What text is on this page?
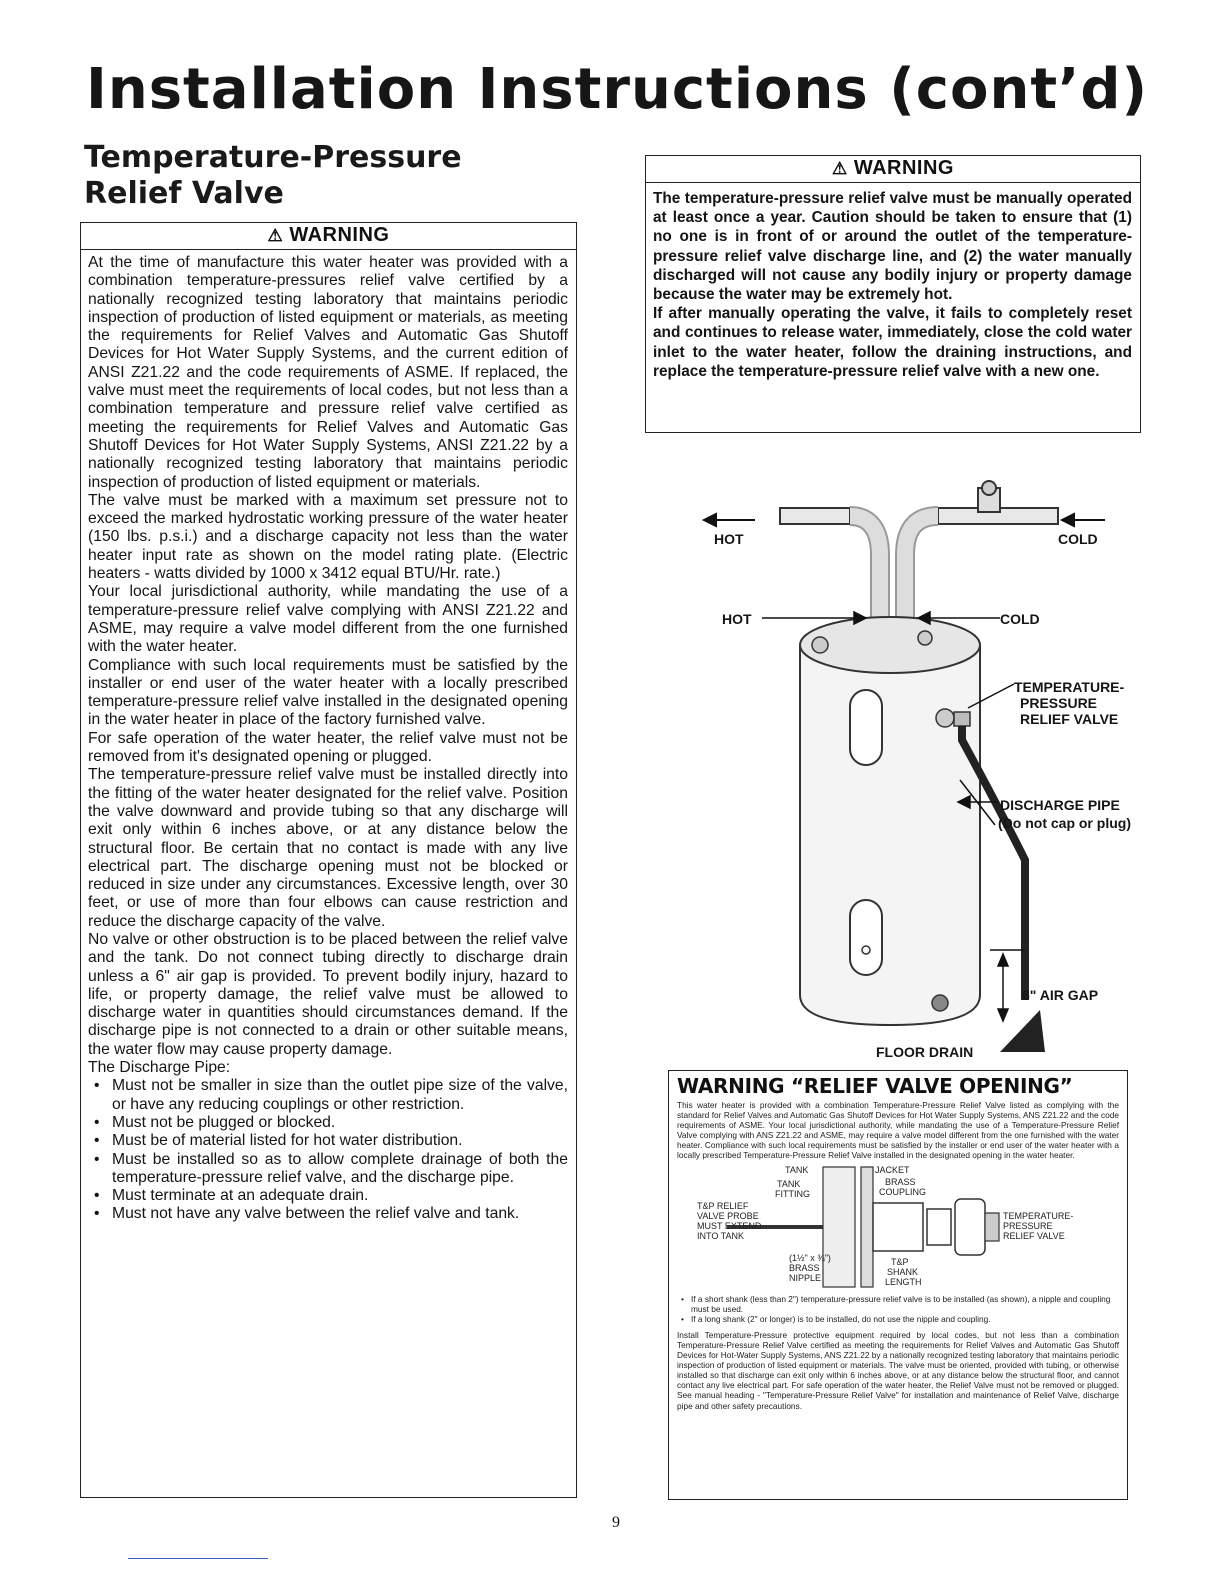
Installation Instructions (cont’d)
Temperature-Pressure
Relief Valve
⚠ WARNING

At the time of manufacture this water heater was provided with a combination temperature-pressures relief valve certified by a nationally recognized testing laboratory that maintains periodic inspection of production of listed equipment or materials, as meeting the requirements for Relief Valves and Automatic Gas Shutoff Devices for Hot Water Supply Systems, and the current edition of ANSI Z21.22 and the code requirements of ASME. If replaced, the valve must meet the requirements of local codes, but not less than a combination temperature and pressure relief valve certified as meeting the requirements for Relief Valves and Automatic Gas Shutoff Devices for Hot Water Supply Systems, ANSI Z21.22 by a nationally recognized testing laboratory that maintains periodic inspection of production of listed equipment or materials.

The valve must be marked with a maximum set pressure not to exceed the marked hydrostatic working pressure of the water heater (150 lbs. p.s.i.) and a discharge capacity not less than the water heater input rate as shown on the model rating plate. (Electric heaters - watts divided by 1000 x 3412 equal BTU/Hr. rate.)

Your local jurisdictional authority, while mandating the use of a temperature-pressure relief valve complying with ANSI Z21.22 and ASME, may require a valve model different from the one furnished with the water heater.

Compliance with such local requirements must be satisfied by the installer or end user of the water heater with a locally prescribed temperature-pressure relief valve installed in the designated opening in the water heater in place of the factory furnished valve.

For safe operation of the water heater, the relief valve must not be removed from it's designated opening or plugged.

The temperature-pressure relief valve must be installed directly into the fitting of the water heater designated for the relief valve. Position the valve downward and provide tubing so that any discharge will exit only within 6 inches above, or at any distance below the structural floor. Be certain that no contact is made with any live electrical part. The discharge opening must not be blocked or reduced in size under any circumstances. Excessive length, over 30 feet, or use of more than four elbows can cause restriction and reduce the discharge capacity of the valve.

No valve or other obstruction is to be placed between the relief valve and the tank. Do not connect tubing directly to discharge drain unless a 6" air gap is provided. To prevent bodily injury, hazard to life, or property damage, the relief valve must be allowed to discharge water in quantities should circumstances demand. If the discharge pipe is not connected to a drain or other suitable means, the water flow may cause property damage.

The Discharge Pipe:

• Must not be smaller in size than the outlet pipe size of the valve, or have any reducing couplings or other restriction.
• Must not be plugged or blocked.
• Must be of material listed for hot water distribution.
• Must be installed so as to allow complete drainage of both the temperature-pressure relief valve, and the discharge pipe.
• Must terminate at an adequate drain.
• Must not have any valve between the relief valve and tank.
⚠ WARNING

The temperature-pressure relief valve must be manually operated at least once a year. Caution should be taken to ensure that (1) no one is in front of or around the outlet of the temperature-pressure relief valve discharge line, and (2) the water manually discharged will not cause any bodily injury or property damage because the water may be extremely hot.

If after manually operating the valve, it fails to completely reset and continues to release water, immediately, close the cold water inlet to the water heater, follow the draining instructions, and replace the temperature-pressure relief valve with a new one.

HOT	COLD
HOT	COLD
TEMPERATURE-
PRESSURE
RELIEF VALVE
DISCHARGE PIPE
(Do not cap or plug)
6" AIR GAP
FLOOR DRAIN

WARNING “RELIEF VALVE OPENING”

This water heater is provided with a combination Temperature-Pressure Relief Valve listed as complying with the standard for Relief Valves and Automatic Gas Shutoff Devices for Hot Water Supply Systems, ANS Z21.22 and the code requirements of ASME. Your local jurisdictional authority, while mandating the use of a Temperature-Pressure Relief Valve complying with ANS Z21.22 and ASME, may require a valve model different from the one furnished with the water heater. Compliance with such local requirements must be satisfied by the installer or end user of the water heater with a locally prescribed Temperature-Pressure Relief Valve installed in the designated opening in the water heater.

TANK	JACKET
TANK
FITTING
BRASS
COUPLING
T&P RELIEF
VALVE PROBE
MUST EXTEND
INTO TANK
TEMPERATURE-
PRESSURE
RELIEF VALVE
(1½" x ¾")
BRASS
NIPPLE
T&P
SHANK
LENGTH
• If a short shank (less than 2") temperature-pressure relief valve is to be installed (as shown), a nipple and coupling must be used.
• If a long shank (2" or longer) is to be installed, do not use the nipple and coupling.

Install Temperature-Pressure protective equipment required by local codes, but not less than a combination Temperature-Pressure Relief Valve certified as meeting the requirements for Relief Valves and Automatic Gas Shutoff Devices for Hot-Water Supply Systems, ANS Z21.22 by a nationally recognized testing laboratory that maintains periodic inspection of production of listed equipment or materials. The valve must be oriented, provided with tubing, or otherwise installed so that discharge can exit only within 6 inches above, or at any distance below the structural floor, and cannot contact any live electrical part. For safe operation of the water heater, the Relief Valve must not be removed or plugged. See manual heading - "Temperature-Pressure Relief Valve" for installation and maintenance of Relief Valve, discharge pipe and other safety precautions.

9
